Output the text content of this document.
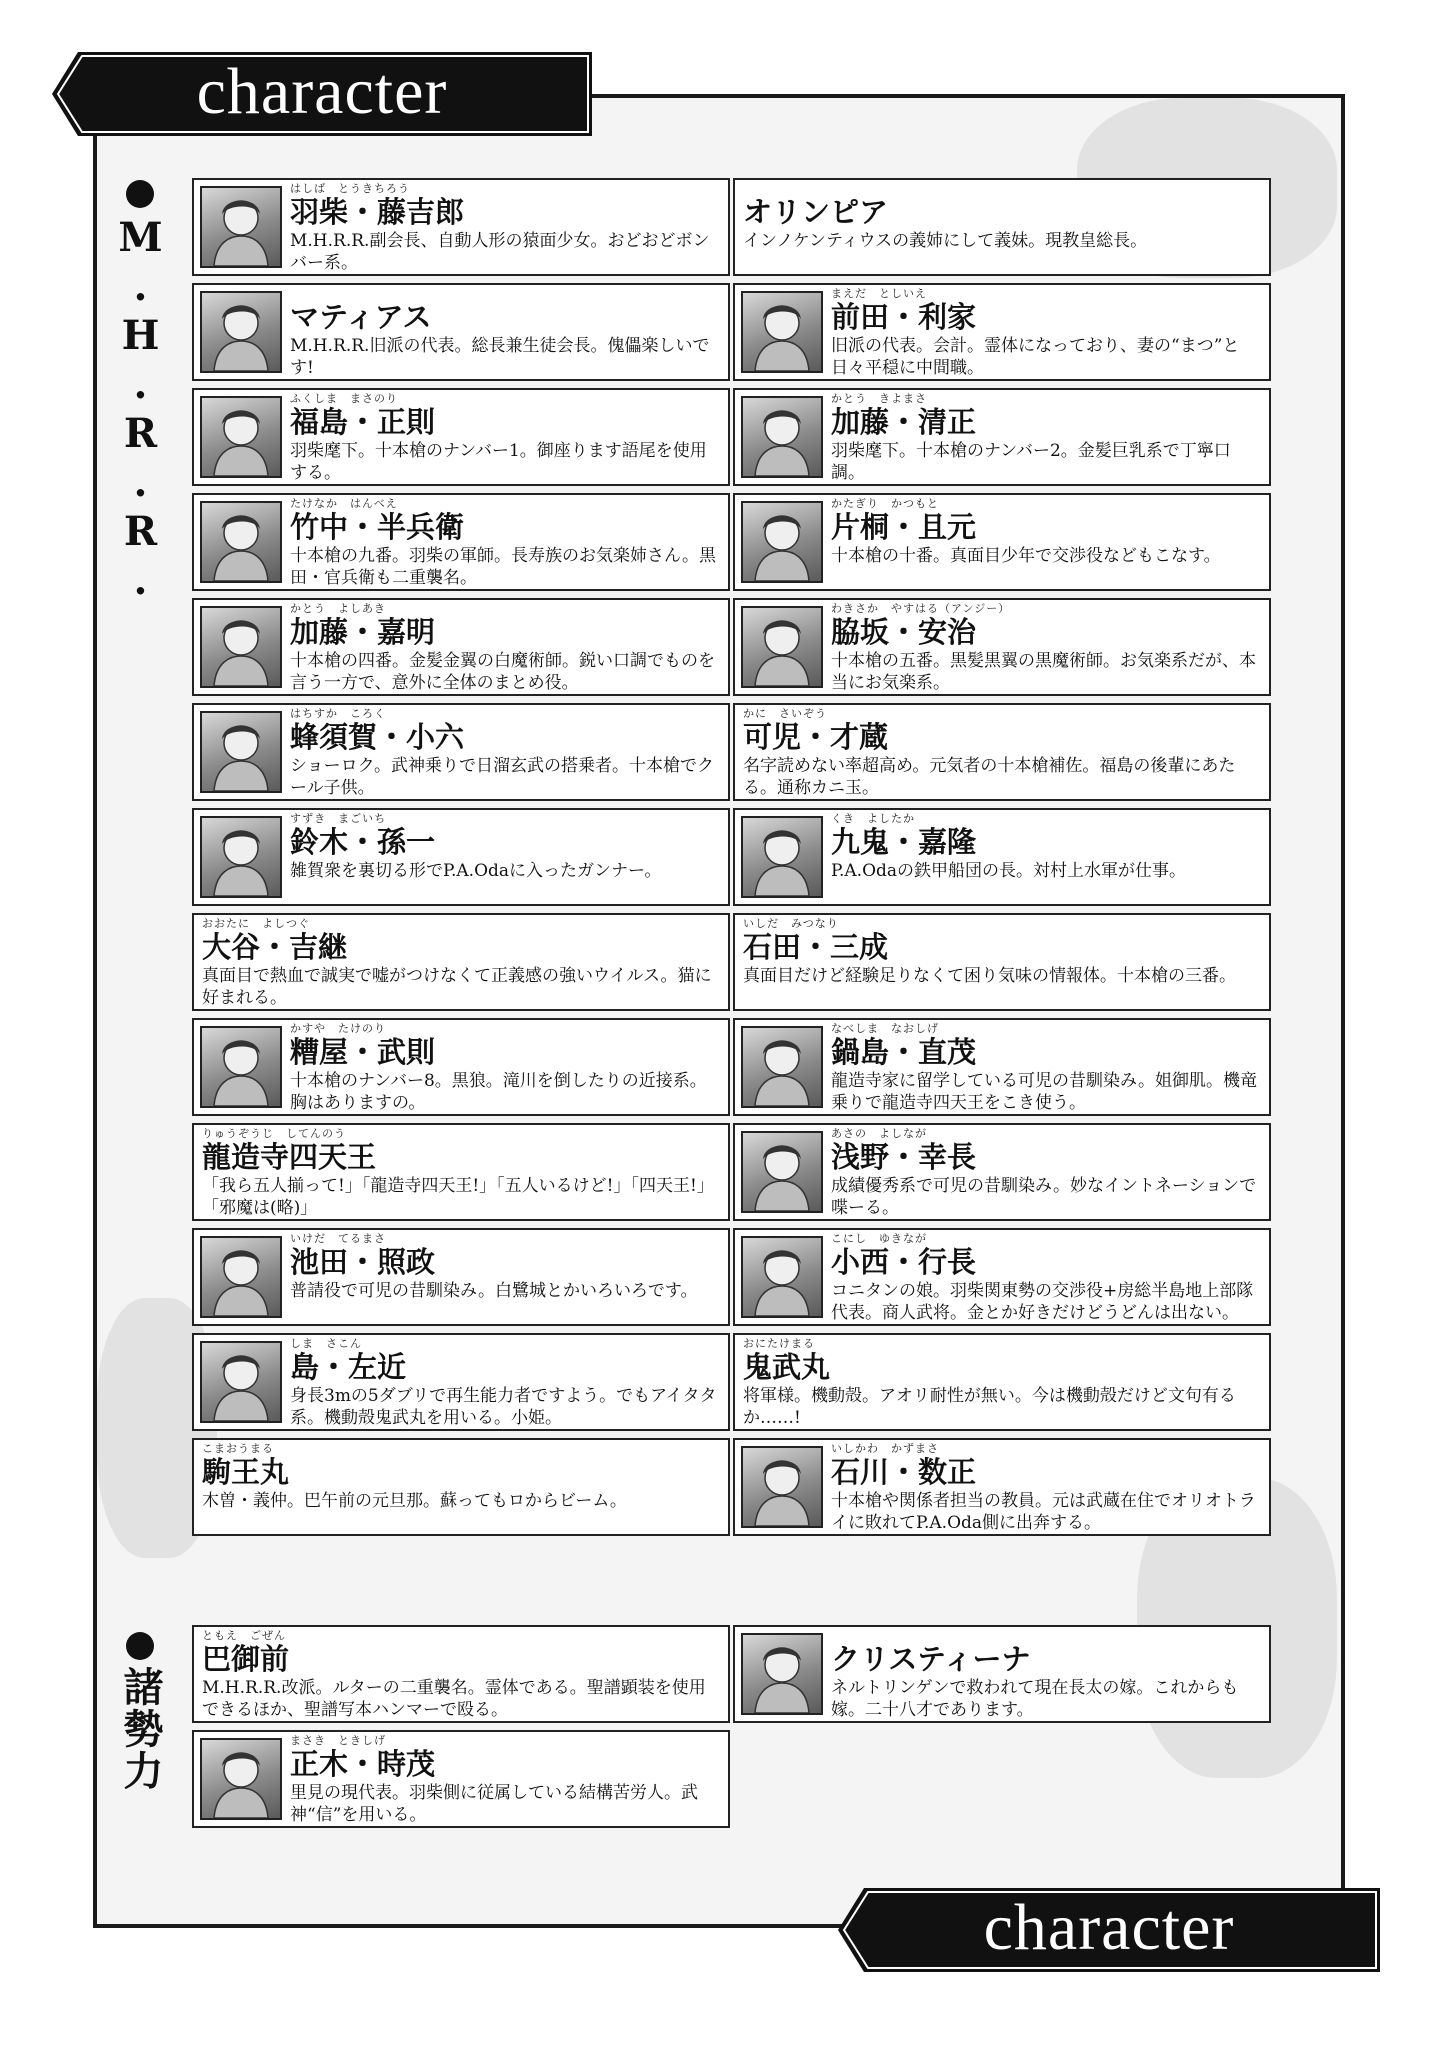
character
M.H.R.R.
諸勢力
はしば　とうきちろう
羽柴・藤吉郎
M.H.R.R.副会長、自動人形の猿面少女。おどおどボンバー系。
オリンピア
インノケンティウスの義姉にして義妹。現教皇総長。
マティアス
M.H.R.R.旧派の代表。総長兼生徒会長。傀儡楽しいです!
まえだ　としいえ
前田・利家
旧派の代表。会計。霊体になっており、妻の“まつ”と日々平穏に中間職。
ふくしま　まさのり
福島・正則
羽柴麾下。十本槍のナンバー1。御座ります語尾を使用する。
かとう　きよまさ
加藤・清正
羽柴麾下。十本槍のナンバー2。金髪巨乳系で丁寧口調。
たけなか　はんべえ
竹中・半兵衛
十本槍の九番。羽柴の軍師。長寿族のお気楽姉さん。黒田・官兵衛も二重襲名。
かたぎり　かつもと
片桐・且元
十本槍の十番。真面目少年で交渉役などもこなす。
かとう　よしあき
加藤・嘉明
十本槍の四番。金髪金翼の白魔術師。鋭い口調でものを言う一方で、意外に全体のまとめ役。
わきさか　やすはる（アンジー）
脇坂・安治
十本槍の五番。黒髪黒翼の黒魔術師。お気楽系だが、本当にお気楽系。
はちすか　ころく
蜂須賀・小六
ショーロク。武神乗りで日溜玄武の搭乗者。十本槍でクール子供。
かに　さいぞう
可児・才蔵
名字読めない率超高め。元気者の十本槍補佐。福島の後輩にあたる。通称カニ玉。
すずき　まごいち
鈴木・孫一
雑賀衆を裏切る形でP.A.Odaに入ったガンナー。
くき　よしたか
九鬼・嘉隆
P.A.Odaの鉄甲船団の長。対村上水軍が仕事。
おおたに　よしつぐ
大谷・吉継
真面目で熱血で誠実で嘘がつけなくて正義感の強いウイルス。猫に好まれる。
いしだ　みつなり
石田・三成
真面目だけど経験足りなくて困り気味の情報体。十本槍の三番。
かすや　たけのり
糟屋・武則
十本槍のナンバー8。黒狼。滝川を倒したりの近接系。胸はありますの。
なべしま　なおしげ
鍋島・直茂
龍造寺家に留学している可児の昔馴染み。姐御肌。機竜乗りで龍造寺四天王をこき使う。
りゅうぞうじ　してんのう
龍造寺四天王
「我ら五人揃って!」「龍造寺四天王!」「五人いるけど!」「四天王!」「邪魔は(略)」
あさの　よしなが
浅野・幸長
成績優秀系で可児の昔馴染み。妙なイントネーションで喋ーる。
いけだ　てるまさ
池田・照政
普請役で可児の昔馴染み。白鷺城とかいろいろです。
こにし　ゆきなが
小西・行長
コニタンの娘。羽柴関東勢の交渉役+房総半島地上部隊代表。商人武将。金とか好きだけどうどんは出ない。
しま　さこん
島・左近
身長3mの5ダブリで再生能力者ですよう。でもアイタタ系。機動殻鬼武丸を用いる。小姫。
おにたけまる
鬼武丸
将軍様。機動殻。アオリ耐性が無い。今は機動殻だけど文句有るか……!
こまおうまる
駒王丸
木曽・義仲。巴午前の元旦那。蘇ってもロからビーム。
いしかわ　かずまさ
石川・数正
十本槍や関係者担当の教員。元は武蔵在住でオリオトライに敗れてP.A.Oda側に出奔する。
ともえ　ごぜん
巴御前
M.H.R.R.改派。ルターの二重襲名。霊体である。聖譜顕装を使用できるほか、聖譜写本ハンマーで殴る。
クリスティーナ
ネルトリンゲンで救われて現在長太の嫁。これからも嫁。二十八才であります。
まさき　ときしげ
正木・時茂
里見の現代表。羽柴側に従属している結構苦労人。武神“信”を用いる。
character
